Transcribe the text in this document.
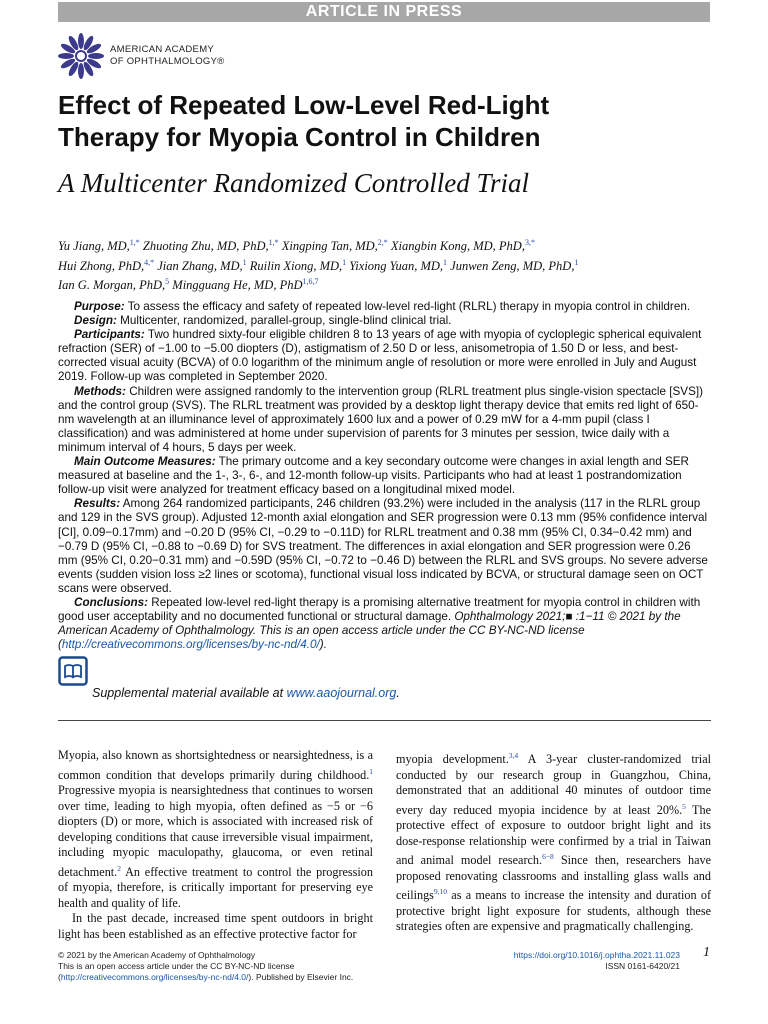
ARTICLE IN PRESS
AMERICAN ACADEMY
OF OPHTHALMOLOGY®
Effect of Repeated Low-Level Red-Light
Therapy for Myopia Control in Children
A Multicenter Randomized Controlled Trial
Yu Jiang, MD,$^{1,*}$ Zhuoting Zhu, MD, PhD,$^{1,*}$ Xingping Tan, MD,$^{2,*}$ Xiangbin Kong, MD, PhD,$^{3,*}$
Hui Zhong, PhD,$^{4,*}$ Jian Zhang, MD,$^1$ Ruilin Xiong, MD,$^1$ Yixiong Yuan, MD,$^1$ Junwen Zeng, MD, PhD,$^1$
Ian G. Morgan, PhD,$^5$ Mingguang He, MD, PhD$^{1,6,7}$

Purpose: To assess the efficacy and safety of repeated low-level red-light (RLRL) therapy in myopia control in children.

Design: Multicenter, randomized, parallel-group, single-blind clinical trial.

Participants: Two hundred sixty-four eligible children 8 to 13 years of age with myopia of cycloplegic spherical equivalent refraction (SER) of −1.00 to −5.00 diopters (D), astigmatism of 2.50 D or less, anisometropia of 1.50 D or less, and best-corrected visual acuity (BCVA) of 0.0 logarithm of the minimum angle of resolution or more were enrolled in July and August 2019. Follow-up was completed in September 2020.

Methods: Children were assigned randomly to the intervention group (RLRL treatment plus single-vision spectacle [SVS]) and the control group (SVS). The RLRL treatment was provided by a desktop light therapy device that emits red light of 650-nm wavelength at an illuminance level of approximately 1600 lux and a power of 0.29 mW for a 4-mm pupil (class I classification) and was administered at home under supervision of parents for 3 minutes per session, twice daily with a minimum interval of 4 hours, 5 days per week.

Main Outcome Measures: The primary outcome and a key secondary outcome were changes in axial length and SER measured at baseline and the 1-, 3-, 6-, and 12-month follow-up visits. Participants who had at least 1 postrandomization follow-up visit were analyzed for treatment efficacy based on a longitudinal mixed model.

Results: Among 264 randomized participants, 246 children (93.2%) were included in the analysis (117 in the RLRL group and 129 in the SVS group). Adjusted 12-month axial elongation and SER progression were 0.13 mm (95% confidence interval [CI], 0.09−0.17mm) and −0.20 D (95% CI, −0.29 to −0.11D) for RLRL treatment and 0.38 mm (95% CI, 0.34−0.42 mm) and −0.79 D (95% CI, −0.88 to −0.69 D) for SVS treatment. The differences in axial elongation and SER progression were 0.26 mm (95% CI, 0.20−0.31 mm) and −0.59D (95% CI, −0.72 to −0.46 D) between the RLRL and SVS groups. No severe adverse events (sudden vision loss ≥2 lines or scotoma), functional visual loss indicated by BCVA, or structural damage seen on OCT scans were observed.

Conclusions: Repeated low-level red-light therapy is a promising alternative treatment for myopia control in children with good user acceptability and no documented functional or structural damage. Ophthalmology 2021;■ :1−11 © 2021 by the American Academy of Ophthalmology. This is an open access article under the CC BY-NC-ND license (http://creativecommons.org/licenses/by-nc-nd/4.0/).

Supplemental material available at www.aaojournal.org.

Myopia, also known as shortsightedness or nearsightedness, is a common condition that develops primarily during childhood.$^1$ Progressive myopia is nearsightedness that continues to worsen over time, leading to high myopia, often defined as −5 or −6 diopters (D) or more, which is associated with increased risk of developing conditions that cause irreversible visual impairment, including myopic maculopathy, glaucoma, or even retinal detachment.$^2$ An effective treatment to control the progression of myopia, therefore, is critically important for preserving eye health and quality of life.

In the past decade, increased time spent outdoors in bright light has been established as an effective protective factor for

myopia development.$^{3,4}$ A 3-year cluster-randomized trial conducted by our research group in Guangzhou, China, demonstrated that an additional 40 minutes of outdoor time every day reduced myopia incidence by at least 20%.$^5$ The protective effect of exposure to outdoor bright light and its dose-response relationship were confirmed by a trial in Taiwan and animal model research.$^{6-8}$ Since then, researchers have proposed renovating classrooms and installing glass walls and ceilings$^{9,10}$ as a means to increase the intensity and duration of protective bright light exposure for students, although these strategies often are expensive and pragmatically challenging.

© 2021 by the American Academy of Ophthalmology
This is an open access article under the CC BY-NC-ND license
(http://creativecommons.org/licenses/by-nc-nd/4.0/). Published by Elsevier Inc.
https://doi.org/10.1016/j.ophtha.2021.11.023
ISSN 0161-6420/21
1
